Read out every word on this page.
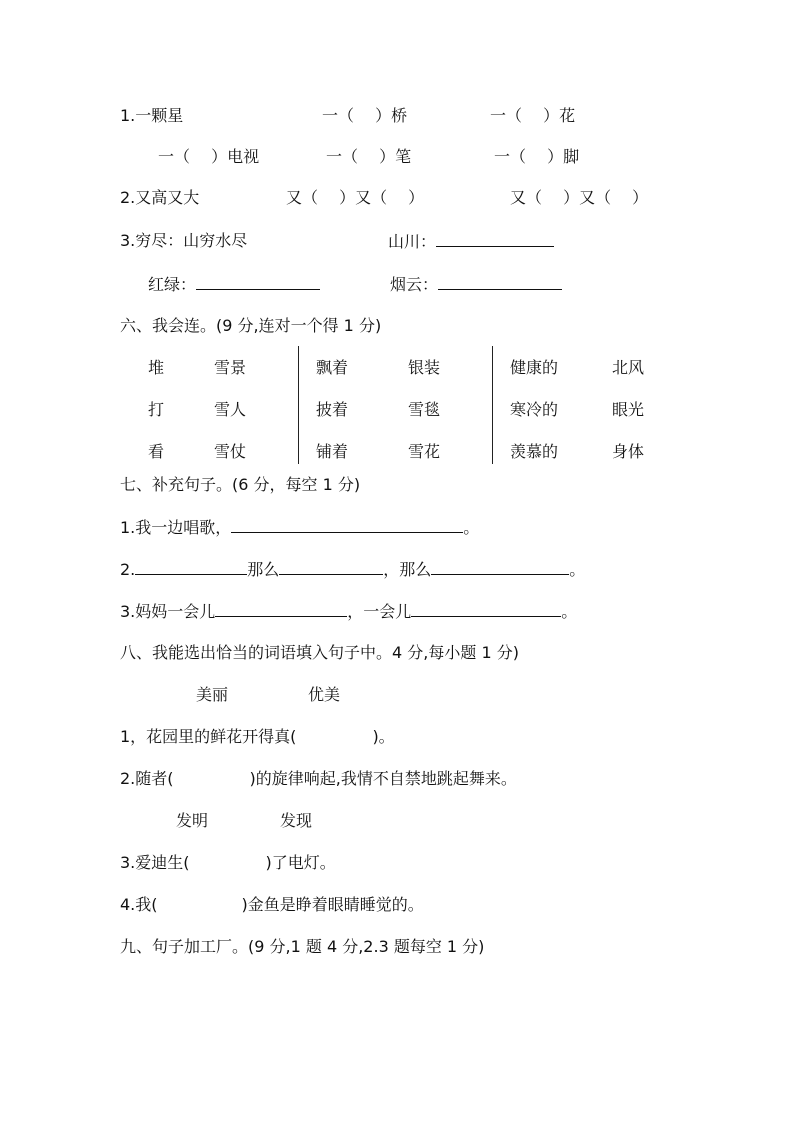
1.一颗星	一（　 ）桥	一（　 ）花
一（　 ）电视	一（　 ）笔	一（　 ）脚
2.又高又大	又（　 ）又（　 ）	又（　 ）又（　 ）
3.穷尽：山穷水尽	山川：
红绿：	烟云：
六、我会连。(9 分,连对一个得 1 分)
堆	雪景	飘着	银装	健康的	北风
打	雪人	披着	雪毯	寒冷的	眼光
看	雪仗	铺着	雪花	羡慕的	身体
七、补充句子。(6 分，每空 1 分)
1.我一边唱歌，	。
2.	那么	，那么	。
3.妈妈一会儿	，一会儿	。
八、我能选出恰当的词语填入句子中。4 分,每小题 1 分)
美丽	优美
1，花园里的鲜花开得真(	)。
2.随者(	)的旋律响起,我情不自禁地跳起舞来。
发明	发现
3.爱迪生(	)了电灯。
4.我(	)金鱼是睁着眼睛睡觉的。
九、句子加工厂。(9 分,1 题 4 分,2.3 题每空 1 分)
